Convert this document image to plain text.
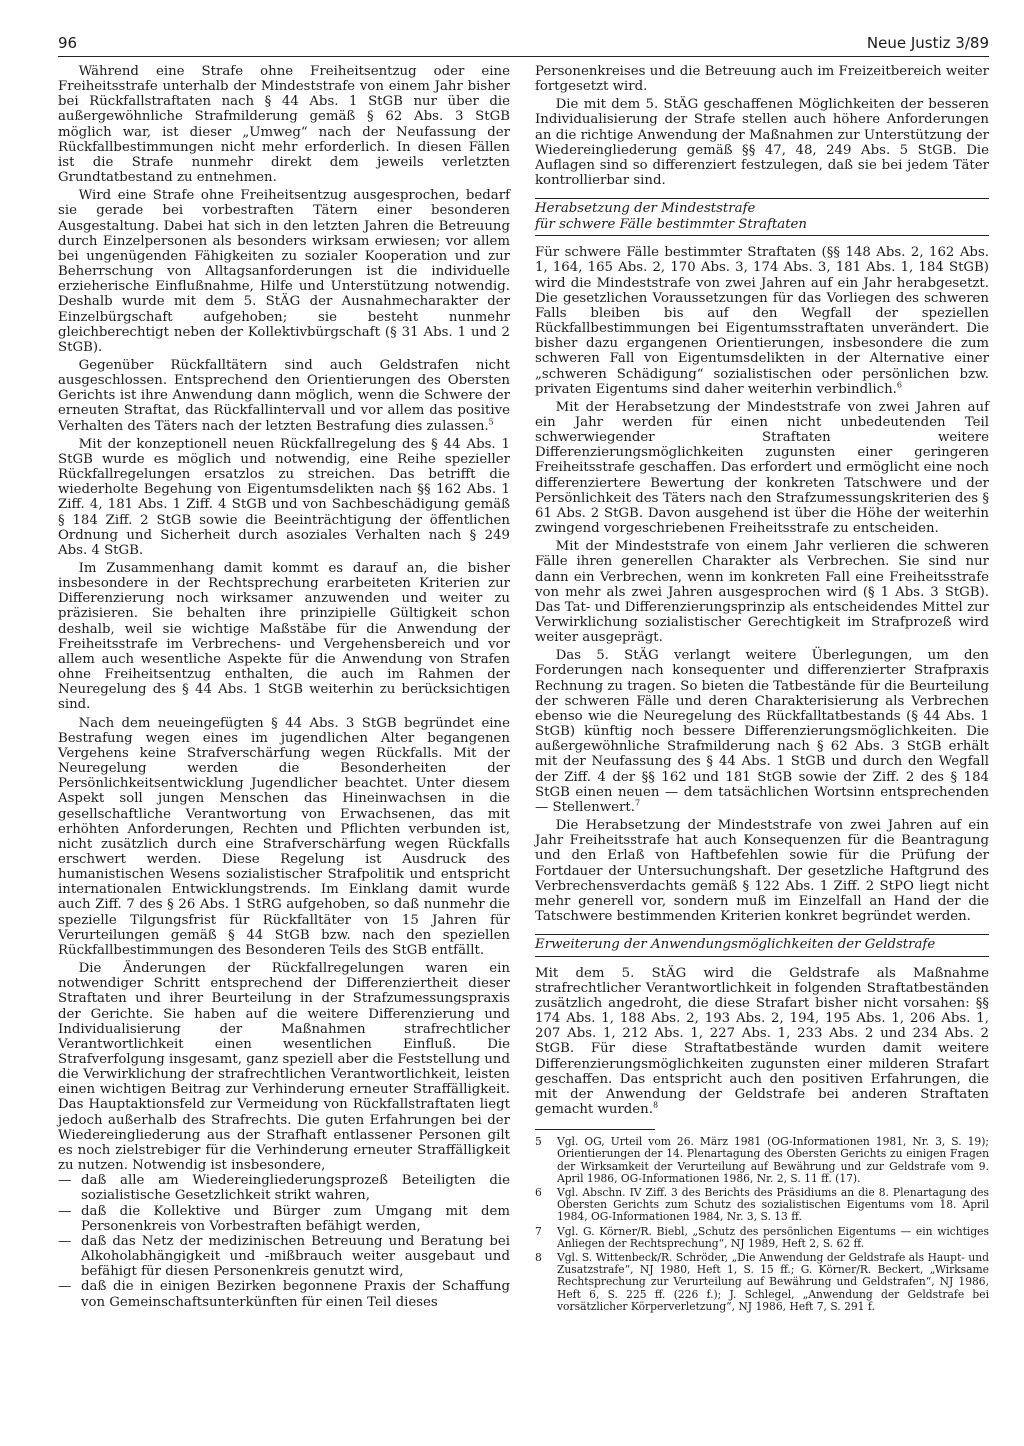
96	Neue Justiz 3/89

Während eine Strafe ohne Freiheitsentzug oder eine Freiheitsstrafe unterhalb der Mindeststrafe von einem Jahr bisher bei Rückfallstraftaten nach § 44 Abs. 1 StGB nur über die außergewöhnliche Strafmilderung gemäß § 62 Abs. 3 StGB möglich war, ist dieser „Umweg“ nach der Neufassung der Rückfallbestimmungen nicht mehr erforderlich. In diesen Fällen ist die Strafe nunmehr direkt dem jeweils verletzten Grundtatbestand zu entnehmen.

Wird eine Strafe ohne Freiheitsentzug ausgesprochen, bedarf sie gerade bei vorbestraften Tätern einer besonderen Ausgestaltung. Dabei hat sich in den letzten Jahren die Betreuung durch Einzelpersonen als besonders wirksam erwiesen; vor allem bei ungenügenden Fähigkeiten zu sozialer Kooperation und zur Beherrschung von Alltagsanforderungen ist die individuelle erzieherische Einflußnahme, Hilfe und Unterstützung notwendig. Deshalb wurde mit dem 5. StÄG der Ausnahmecharakter der Einzelbürgschaft aufgehoben; sie besteht nunmehr gleichberechtigt neben der Kollektivbürgschaft (§ 31 Abs. 1 und 2 StGB).

Gegenüber Rückfalltätern sind auch Geldstrafen nicht ausgeschlossen. Entsprechend den Orientierungen des Obersten Gerichts ist ihre Anwendung dann möglich, wenn die Schwere der erneuten Straftat, das Rückfallintervall und vor allem das positive Verhalten des Täters nach der letzten Bestrafung dies zulassen.$^5$

Mit der konzeptionell neuen Rückfallregelung des § 44 Abs. 1 StGB wurde es möglich und notwendig, eine Reihe spezieller Rückfallregelungen ersatzlos zu streichen. Das betrifft die wiederholte Begehung von Eigentumsdelikten nach §§ 162 Abs. 1 Ziff. 4, 181 Abs. 1 Ziff. 4 StGB und von Sachbeschädigung gemäß § 184 Ziff. 2 StGB sowie die Beeinträchtigung der öffentlichen Ordnung und Sicherheit durch asoziales Verhalten nach § 249 Abs. 4 StGB.

Im Zusammenhang damit kommt es darauf an, die bisher insbesondere in der Rechtsprechung erarbeiteten Kriterien zur Differenzierung noch wirksamer anzuwenden und weiter zu präzisieren. Sie behalten ihre prinzipielle Gültigkeit schon deshalb, weil sie wichtige Maßstäbe für die Anwendung der Freiheitsstrafe im Verbrechens- und Vergehensbereich und vor allem auch wesentliche Aspekte für die Anwendung von Strafen ohne Freiheitsentzug enthalten, die auch im Rahmen der Neuregelung des § 44 Abs. 1 StGB weiterhin zu berücksichtigen sind.

Nach dem neueingefügten § 44 Abs. 3 StGB begründet eine Bestrafung wegen eines im jugendlichen Alter begangenen Vergehens keine Strafverschärfung wegen Rückfalls. Mit der Neuregelung werden die Besonderheiten der Persönlichkeitsentwicklung Jugendlicher beachtet. Unter diesem Aspekt soll jungen Menschen das Hineinwachsen in die gesellschaftliche Verantwortung von Erwachsenen, das mit erhöhten Anforderungen, Rechten und Pflichten verbunden ist, nicht zusätzlich durch eine Strafverschärfung wegen Rückfalls erschwert werden. Diese Regelung ist Ausdruck des humanistischen Wesens sozialistischer Strafpolitik und entspricht internationalen Entwicklungstrends. Im Einklang damit wurde auch Ziff. 7 des § 26 Abs. 1 StRG aufgehoben, so daß nunmehr die spezielle Tilgungsfrist für Rückfalltäter von 15 Jahren für Verurteilungen gemäß § 44 StGB bzw. nach den speziellen Rückfallbestimmungen des Besonderen Teils des StGB entfällt.

Die Änderungen der Rückfallregelungen waren ein notwendiger Schritt entsprechend der Differenziertheit dieser Straftaten und ihrer Beurteilung in der Strafzumessungspraxis der Gerichte. Sie haben auf die weitere Differenzierung und Individualisierung der Maßnahmen strafrechtlicher Verantwortlichkeit einen wesentlichen Einfluß. Die Strafverfolgung insgesamt, ganz speziell aber die Feststellung und die Verwirklichung der strafrechtlichen Verantwortlichkeit, leisten einen wichtigen Beitrag zur Verhinderung erneuter Straffälligkeit. Das Hauptaktionsfeld zur Vermeidung von Rückfallstraftaten liegt jedoch außerhalb des Strafrechts. Die guten Erfahrungen bei der Wiedereingliederung aus der Strafhaft entlassener Personen gilt es noch zielstrebiger für die Verhinderung erneuter Straffälligkeit zu nutzen. Notwendig ist insbesondere,

— daß alle am Wiedereingliederungsprozeß Beteiligten die sozialistische Gesetzlichkeit strikt wahren,
— daß die Kollektive und Bürger zum Umgang mit dem Personenkreis von Vorbestraften befähigt werden,
— daß das Netz der medizinischen Betreuung und Beratung bei Alkoholabhängigkeit und -mißbrauch weiter ausgebaut und befähigt für diesen Personenkreis genutzt wird,
— daß die in einigen Bezirken begonnene Praxis der Schaffung von Gemeinschaftsunterkünften für einen Teil dieses

Personenkreises und die Betreuung auch im Freizeitbereich weiter fortgesetzt wird.

Die mit dem 5. StÄG geschaffenen Möglichkeiten der besseren Individualisierung der Strafe stellen auch höhere Anforderungen an die richtige Anwendung der Maßnahmen zur Unterstützung der Wiedereingliederung gemäß §§ 47, 48, 249 Abs. 5 StGB. Die Auflagen sind so differenziert festzulegen, daß sie bei jedem Täter kontrollierbar sind.

Herabsetzung der Mindeststrafe
für schwere Fälle bestimmter Straftaten

Für schwere Fälle bestimmter Straftaten (§§ 148 Abs. 2, 162 Abs. 1, 164, 165 Abs. 2, 170 Abs. 3, 174 Abs. 3, 181 Abs. 1, 184 StGB) wird die Mindeststrafe von zwei Jahren auf ein Jahr herabgesetzt. Die gesetzlichen Voraussetzungen für das Vorliegen des schweren Falls bleiben bis auf den Wegfall der speziellen Rückfallbestimmungen bei Eigentumsstraftaten unverändert. Die bisher dazu ergangenen Orientierungen, insbesondere die zum schweren Fall von Eigentumsdelikten in der Alternative einer „schweren Schädigung“ sozialistischen oder persönlichen bzw. privaten Eigentums sind daher weiterhin verbindlich.$^6$

Mit der Herabsetzung der Mindeststrafe von zwei Jahren auf ein Jahr werden für einen nicht unbedeutenden Teil schwerwiegender Straftaten weitere Differenzierungsmöglichkeiten zugunsten einer geringeren Freiheitsstrafe geschaffen. Das erfordert und ermöglicht eine noch differenziertere Bewertung der konkreten Tatschwere und der Persönlichkeit des Täters nach den Strafzumessungskriterien des § 61 Abs. 2 StGB. Davon ausgehend ist über die Höhe der weiterhin zwingend vorgeschriebenen Freiheitsstrafe zu entscheiden.

Mit der Mindeststrafe von einem Jahr verlieren die schweren Fälle ihren generellen Charakter als Verbrechen. Sie sind nur dann ein Verbrechen, wenn im konkreten Fall eine Freiheitsstrafe von mehr als zwei Jahren ausgesprochen wird (§ 1 Abs. 3 StGB). Das Tat- und Differenzierungsprinzip als entscheidendes Mittel zur Verwirklichung sozialistischer Gerechtigkeit im Strafprozeß wird weiter ausgeprägt.

Das 5. StÄG verlangt weitere Überlegungen, um den Forderungen nach konsequenter und differenzierter Strafpraxis Rechnung zu tragen. So bieten die Tatbestände für die Beurteilung der schweren Fälle und deren Charakterisierung als Verbrechen ebenso wie die Neuregelung des Rückfalltatbestands (§ 44 Abs. 1 StGB) künftig noch bessere Differenzierungsmöglichkeiten. Die außergewöhnliche Strafmilderung nach § 62 Abs. 3 StGB erhält mit der Neufassung des § 44 Abs. 1 StGB und durch den Wegfall der Ziff. 4 der §§ 162 und 181 StGB sowie der Ziff. 2 des § 184 StGB einen neuen — dem tatsächlichen Wortsinn entsprechenden — Stellenwert.$^7$

Die Herabsetzung der Mindeststrafe von zwei Jahren auf ein Jahr Freiheitsstrafe hat auch Konsequenzen für die Beantragung und den Erlaß von Haftbefehlen sowie für die Prüfung der Fortdauer der Untersuchungshaft. Der gesetzliche Haftgrund des Verbrechensverdachts gemäß § 122 Abs. 1 Ziff. 2 StPO liegt nicht mehr generell vor, sondern muß im Einzelfall an Hand der die Tatschwere bestimmenden Kriterien konkret begründet werden.

Erweiterung der Anwendungsmöglichkeiten der Geldstrafe

Mit dem 5. StÄG wird die Geldstrafe als Maßnahme strafrechtlicher Verantwortlichkeit in folgenden Straftatbeständen zusätzlich angedroht, die diese Strafart bisher nicht vorsahen: §§ 174 Abs. 1, 188 Abs. 2, 193 Abs. 2, 194, 195 Abs. 1, 206 Abs. 1, 207 Abs. 1, 212 Abs. 1, 227 Abs. 1, 233 Abs. 2 und 234 Abs. 2 StGB. Für diese Straftatbestände wurden damit weitere Differenzierungsmöglichkeiten zugunsten einer milderen Strafart geschaffen. Das entspricht auch den positiven Erfahrungen, die mit der Anwendung der Geldstrafe bei anderen Straftaten gemacht wurden.$^8$

5 Vgl. OG, Urteil vom 26. März 1981 (OG-Informationen 1981, Nr. 3, S. 19); Orientierungen der 14. Plenartagung des Obersten Gerichts zu einigen Fragen der Wirksamkeit der Verurteilung auf Bewährung und zur Geldstrafe vom 9. April 1986, OG-Informationen 1986, Nr. 2, S. 11 ff. (17).
6 Vgl. Abschn. IV Ziff. 3 des Berichts des Präsidiums an die 8. Plenartagung des Obersten Gerichts zum Schutz des sozialistischen Eigentums vom 18. April 1984, OG-Informationen 1984, Nr. 3, S. 13 ff.
7 Vgl. G. Körner/R. Biebl, „Schutz des persönlichen Eigentums — ein wichtiges Anliegen der Rechtsprechung“, NJ 1989, Heft 2, S. 62 ff.
8 Vgl. S. Wittenbeck/R. Schröder, „Die Anwendung der Geldstrafe als Haupt- und Zusatzstrafe“, NJ 1980, Heft 1, S. 15 ff.; G. Körner/R. Beckert, „Wirksame Rechtsprechung zur Verurteilung auf Bewährung und Geldstrafen“, NJ 1986, Heft 6, S. 225 ff. (226 f.); J. Schlegel, „Anwendung der Geldstrafe bei vorsätzlicher Körperverletzung“, NJ 1986, Heft 7, S. 291 f.
